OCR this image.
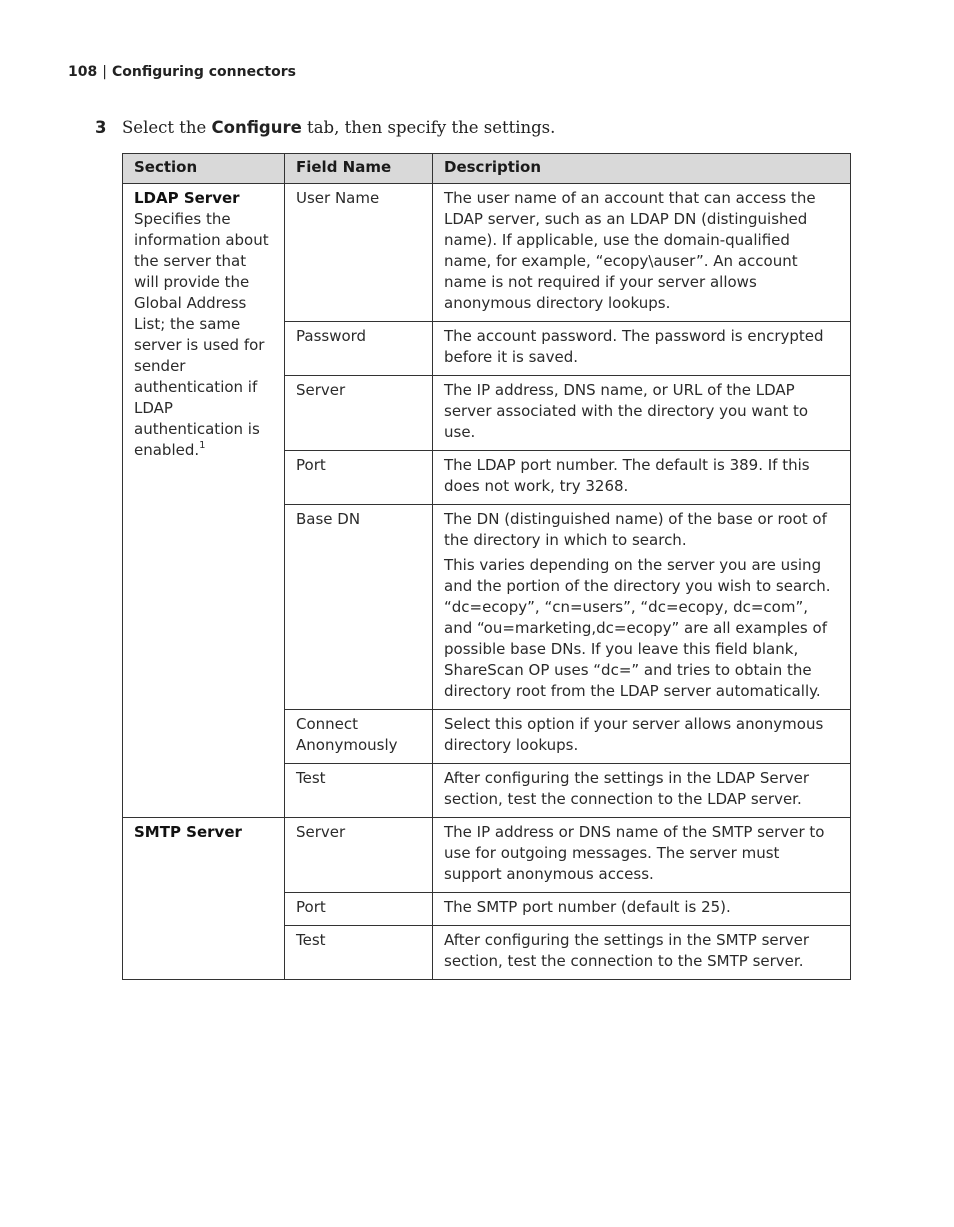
108 | Configuring connectors
3 Select the Configure tab, then specify the settings.
Section	Field Name	Description

LDAP Server
Specifies the information about the server that will provide the Global Address List; the same server is used for sender authentication if LDAP authentication is enabled.$^1$	User Name	The user name of an account that can access the LDAP server, such as an LDAP DN (distinguished name). If applicable, use the domain-qualified name, for example, “ecopy\auser”. An account name is not required if your server allows anonymous directory lookups.
	Password	The account password. The password is encrypted before it is saved.
	Server	The IP address, DNS name, or URL of the LDAP server associated with the directory you want to use.
	Port	The LDAP port number. The default is 389. If this does not work, try 3268.
	Base DN	The DN (distinguished name) of the base or root of the directory in which to search.
This varies depending on the server you are using and the portion of the directory you wish to search. “dc=ecopy”, “cn=users”, “dc=ecopy, dc=com”, and “ou=marketing,dc=ecopy” are all examples of possible base DNs. If you leave this field blank, ShareScan OP uses “dc=” and tries to obtain the directory root from the LDAP server automatically.

	Connect Anonymously	Select this option if your server allows anonymous directory lookups.
	Test	After configuring the settings in the LDAP Server section, test the connection to the LDAP server.

SMTP Server	Server	The IP address or DNS name of the SMTP server to use for outgoing messages. The server must support anonymous access.
	Port	The SMTP port number (default is 25).
	Test	After configuring the settings in the SMTP server section, test the connection to the SMTP server.
